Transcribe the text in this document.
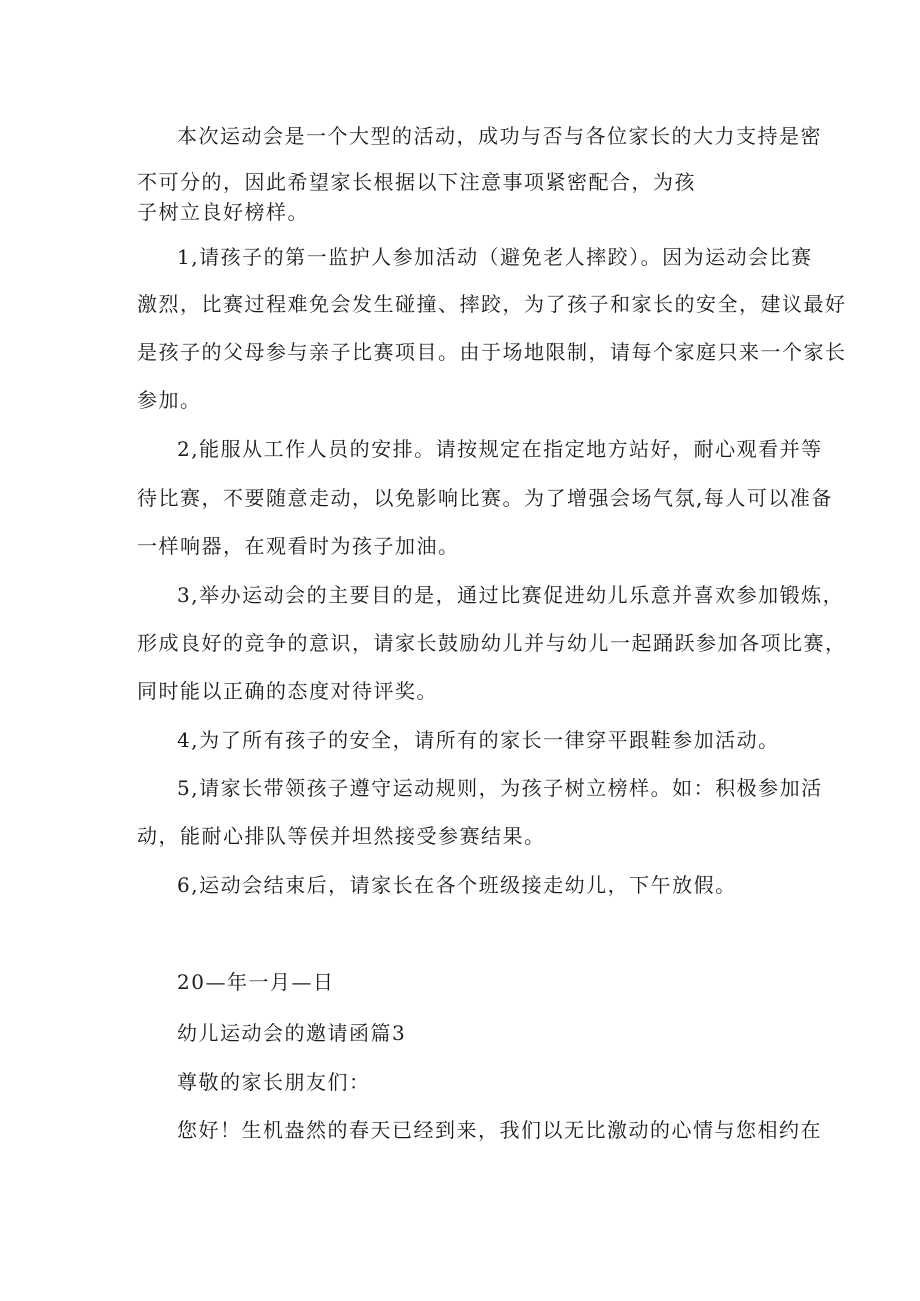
本次运动会是一个大型的活动，成功与否与各位家长的大力支持是密

不可分的，因此希望家长根据以下注意事项紧密配合，为孩

子树立良好榜样。

1,请孩子的第一监护人参加活动（避免老人摔跤）。因为运动会比赛

激烈，比赛过程难免会发生碰撞、摔跤，为了孩子和家长的安全，建议最好

是孩子的父母参与亲子比赛项目。由于场地限制，请每个家庭只来一个家长

参加。

2,能服从工作人员的安排。请按规定在指定地方站好，耐心观看并等

待比赛，不要随意走动，以免影响比赛。为了增强会场气氛,每人可以准备

一样响器，在观看时为孩子加油。

3,举办运动会的主要目的是，通过比赛促进幼儿乐意并喜欢参加锻炼，

形成良好的竞争的意识，请家长鼓励幼儿并与幼儿一起踊跃参加各项比赛，

同时能以正确的态度对待评奖。

4,为了所有孩子的安全，请所有的家长一律穿平跟鞋参加活动。

5,请家长带领孩子遵守运动规则，为孩子树立榜样。如：积极参加活

动，能耐心排队等侯并坦然接受参赛结果。

6,运动会结束后，请家长在各个班级接走幼儿，下午放假。

20—年一月—日

幼儿运动会的邀请函篇3

尊敬的家长朋友们：

您好！生机盎然的春天已经到来，我们以无比激动的心情与您相约在
